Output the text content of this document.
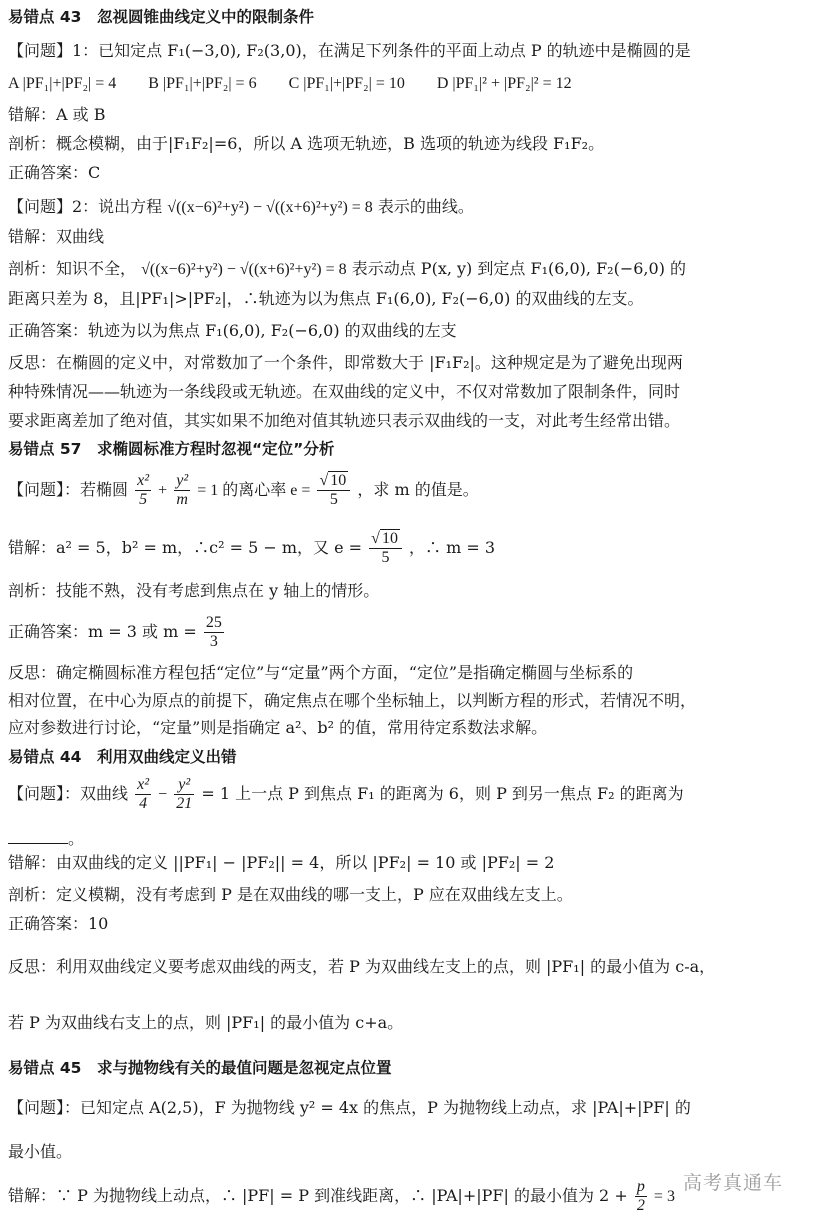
易错点 43　忽视圆锥曲线定义中的限制条件
【问题】1：已知定点 F₁(−3,0), F₂(3,0)，在满足下列条件的平面上动点 P 的轨迹中是椭圆的是
A |PF₁|+|PF₂| = 4　　B |PF₁|+|PF₂| = 6　　C |PF₁|+|PF₂| = 10　　D |PF₁|² + |PF₂|² = 12
错解：A 或 B
剖析：概念模糊，由于|F₁F₂|=6，所以 A 选项无轨迹，B 选项的轨迹为线段 F₁F₂。
正确答案：C
【问题】2：说出方程 √((x−6)²+y²) − √((x+6)²+y²) = 8 表示的曲线。
错解：双曲线
剖析：知识不全， √((x−6)²+y²) − √((x+6)²+y²) = 8 表示动点 P(x, y) 到定点 F₁(6,0), F₂(−6,0) 的
距离只差为 8，且|PF₁|>|PF₂|，∴轨迹为以为焦点 F₁(6,0), F₂(−6,0) 的双曲线的左支。
正确答案：轨迹为以为焦点 F₁(6,0), F₂(−6,0) 的双曲线的左支
反思：在椭圆的定义中，对常数加了一个条件，即常数大于 |F₁F₂|。这种规定是为了避免出现两
种特殊情况——轨迹为一条线段或无轨迹。在双曲线的定义中，不仅对常数加了限制条件，同时
要求距离差加了绝对值，其实如果不加绝对值其轨迹只表示双曲线的一支，对此考生经常出错。
易错点 57　求椭圆标准方程时忽视“定位”分析
【问题】：若椭圆 $\frac{\text{x²}}{5} + \frac{\text{y²}}{m} = 1$ 的离心率 $e = \frac{√ 10}{5}$ ，求 m 的值是。
错解：a² = 5，b² = m，∴c² = 5 − m，又 $e = \frac{√ 10}{5}$ ，∴ m = 3
剖析：技能不熟，没有考虑到焦点在 y 轴上的情形。
正确答案：m = 3 或 $m = \frac{25}{3}$
反思：确定椭圆标准方程包括“定位”与“定量”两个方面，“定位”是指确定椭圆与坐标系的
相对位置，在中心为原点的前提下，确定焦点在哪个坐标轴上，以判断方程的形式，若情况不明，
应对参数进行讨论，“定量”则是指确定 a²、b² 的值，常用待定系数法求解。
易错点 44　利用双曲线定义出错
【问题】：双曲线 $\frac{\text{x²}}{4} - \frac{\text{y²}}{21} = 1$ 上一点 P 到焦点 F₁ 的距离为 6，则 P 到另一焦点 F₂ 的距离为
。
错解：由双曲线的定义 ||PF₁| − |PF₂|| = 4，所以 |PF₂| = 10 或 |PF₂| = 2
剖析：定义模糊，没有考虑到 P 是在双曲线的哪一支上，P 应在双曲线左支上。
正确答案：10
反思：利用双曲线定义要考虑双曲线的两支，若 P 为双曲线左支上的点，则 |PF₁| 的最小值为 c-a，
若 P 为双曲线右支上的点，则 |PF₁| 的最小值为 c+a。
易错点 45　求与抛物线有关的最值问题是忽视定点位置
【问题】：已知定点 A(2,5)，F 为抛物线 y² = 4x 的焦点，P 为抛物线上动点，求 |PA|+|PF| 的
最小值。
错解：∵ P 为抛物线上动点，∴ |PF| = P 到准线距离，∴ |PA|+|PF| 的最小值为 $2 + \frac{p}{2} = 3$
高考真通车
